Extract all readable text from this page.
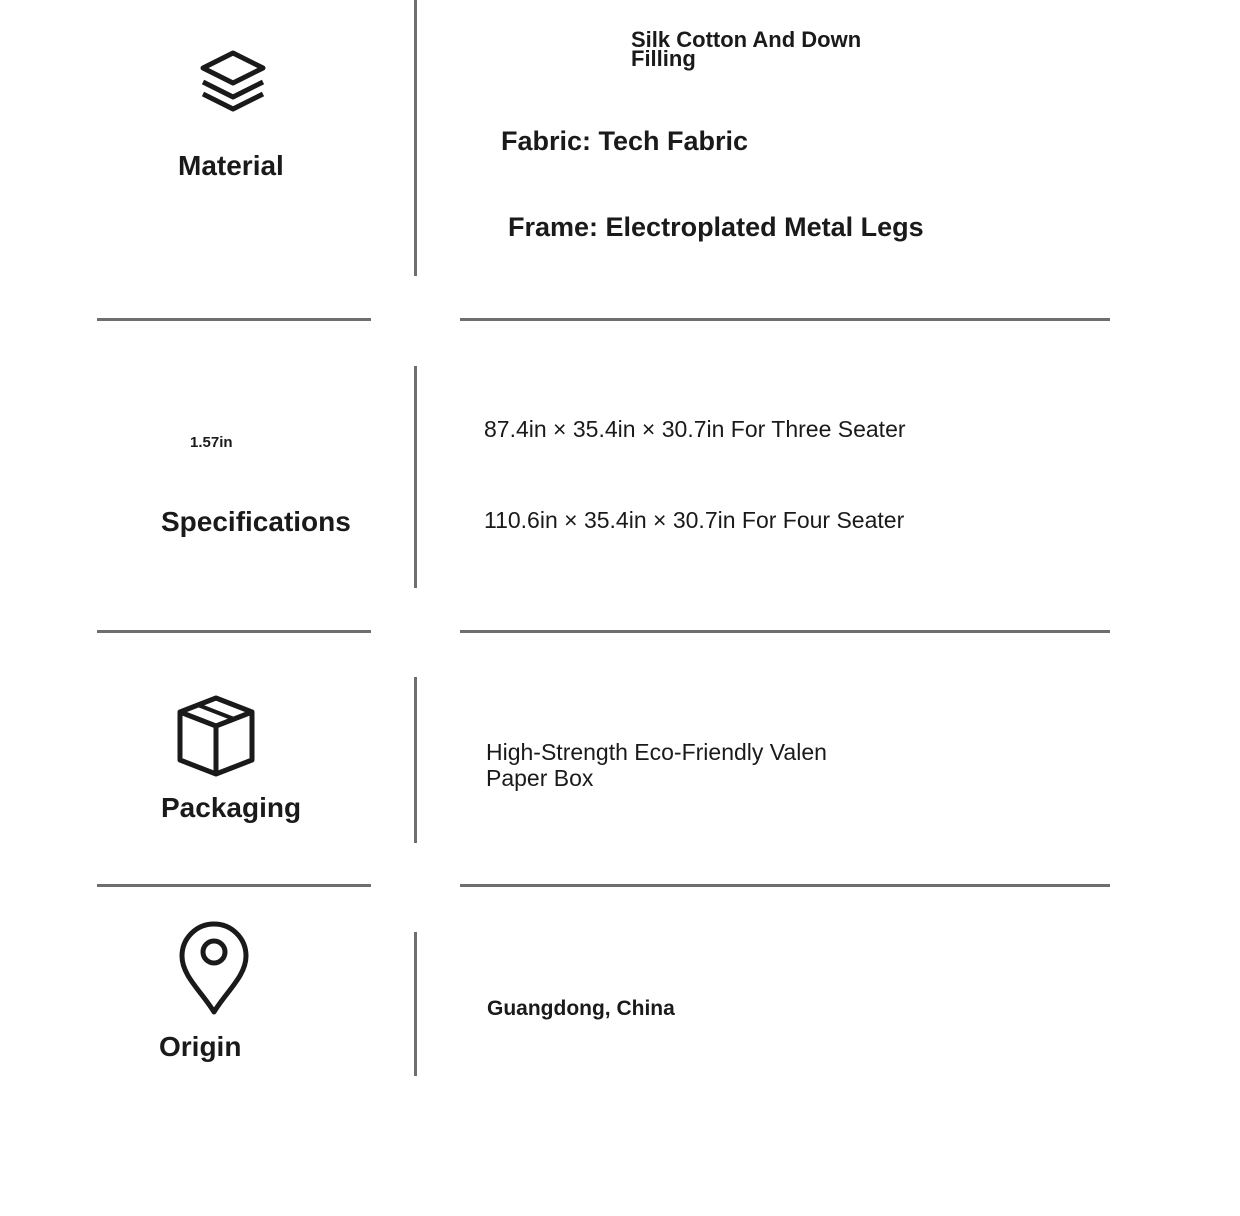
Material
Silk Cotton And Down Filling
Fabric: Tech Fabric
Frame: Electroplated Metal Legs
1.57in
Specifications
87.4in × 35.4in × 30.7in For Three Seater
110.6in × 35.4in × 30.7in For Four Seater
Packaging
High-Strength Eco-Friendly Valen Paper Box
Origin
Guangdong, China
